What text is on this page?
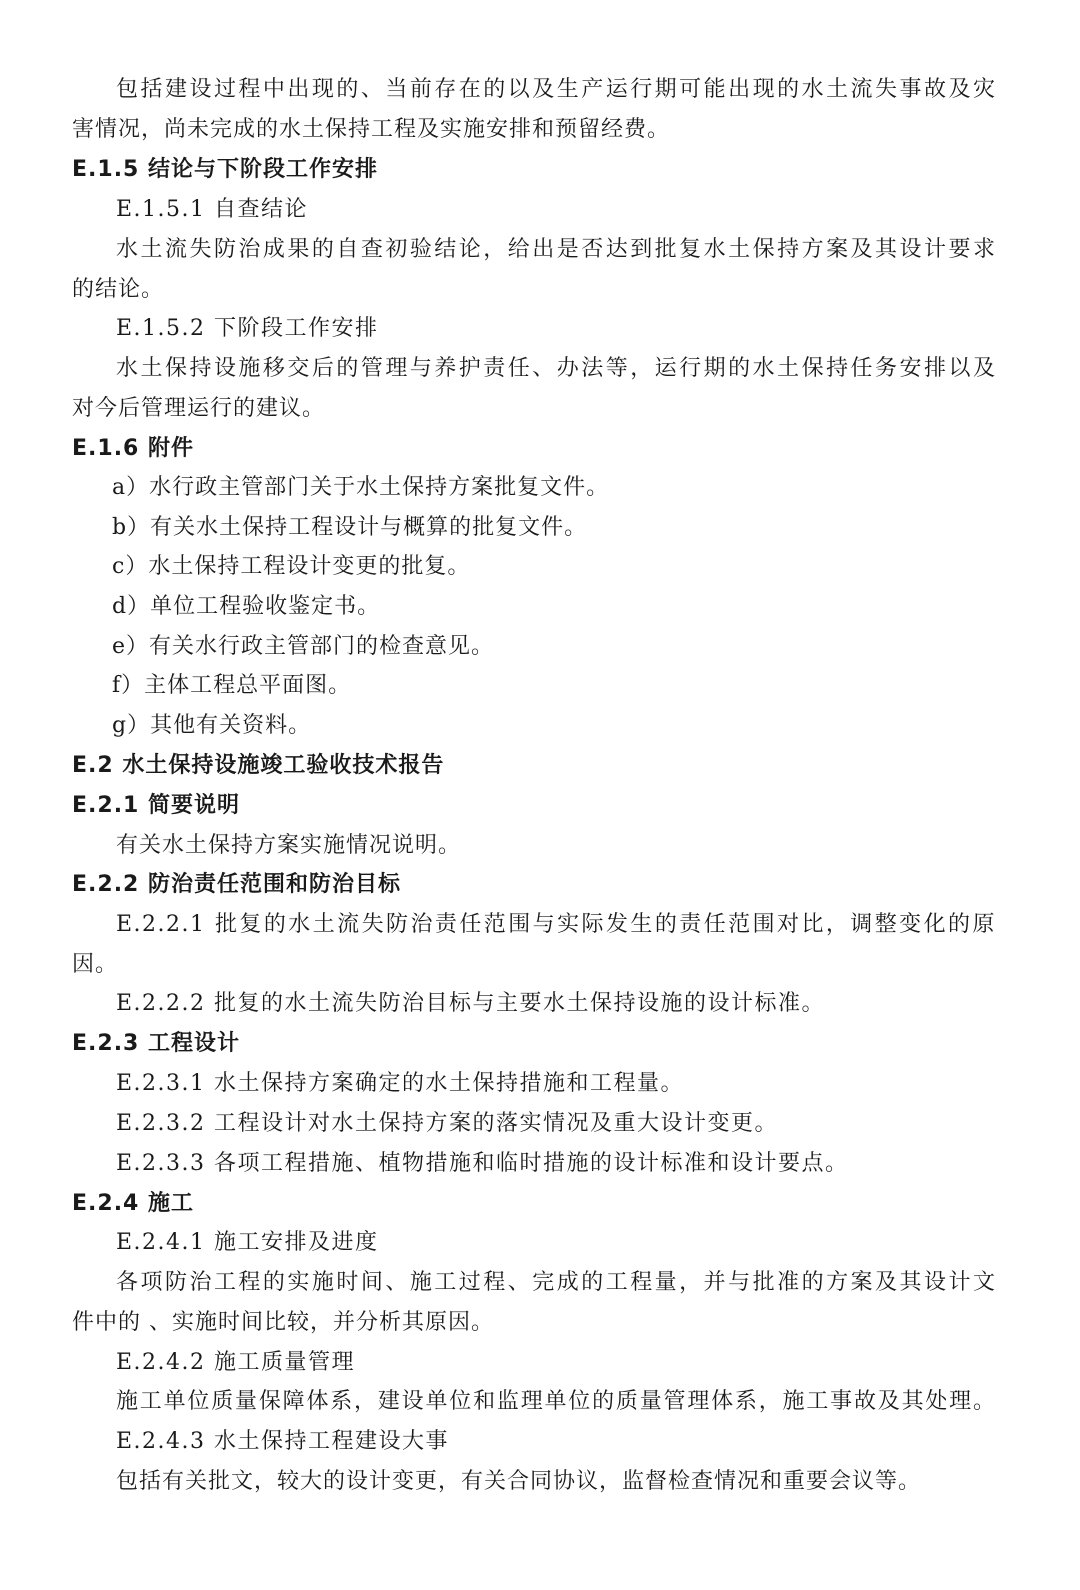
包括建设过程中出现的、当前存在的以及生产运行期可能出现的水土流失事故及灾
害情况，尚未完成的水土保持工程及实施安排和预留经费。
E.1.5 结论与下阶段工作安排
E.1.5.1 自查结论
水土流失防治成果的自查初验结论，给出是否达到批复水土保持方案及其设计要求
的结论。
E.1.5.2 下阶段工作安排
水土保持设施移交后的管理与养护责任、办法等，运行期的水土保持任务安排以及
对今后管理运行的建议。
E.1.6 附件
a）水行政主管部门关于水土保持方案批复文件。
b）有关水土保持工程设计与概算的批复文件。
c）水土保持工程设计变更的批复。
d）单位工程验收鉴定书。
e）有关水行政主管部门的检查意见。
f）主体工程总平面图。
g）其他有关资料。
E.2 水土保持设施竣工验收技术报告
E.2.1 简要说明
有关水土保持方案实施情况说明。
E.2.2 防治责任范围和防治目标
E.2.2.1 批复的水土流失防治责任范围与实际发生的责任范围对比，调整变化的原
因。
E.2.2.2 批复的水土流失防治目标与主要水土保持设施的设计标准。
E.2.3 工程设计
E.2.3.1 水土保持方案确定的水土保持措施和工程量。
E.2.3.2 工程设计对水土保持方案的落实情况及重大设计变更。
E.2.3.3 各项工程措施、植物措施和临时措施的设计标准和设计要点。
E.2.4 施工
E.2.4.1 施工安排及进度
各项防治工程的实施时间、施工过程、完成的工程量，并与批准的方案及其设计文
件中的 、实施时间比较，并分析其原因。
E.2.4.2 施工质量管理
施工单位质量保障体系，建设单位和监理单位的质量管理体系，施工事故及其处理。
E.2.4.3 水土保持工程建设大事
包括有关批文，较大的设计变更，有关合同协议，监督检查情况和重要会议等。
